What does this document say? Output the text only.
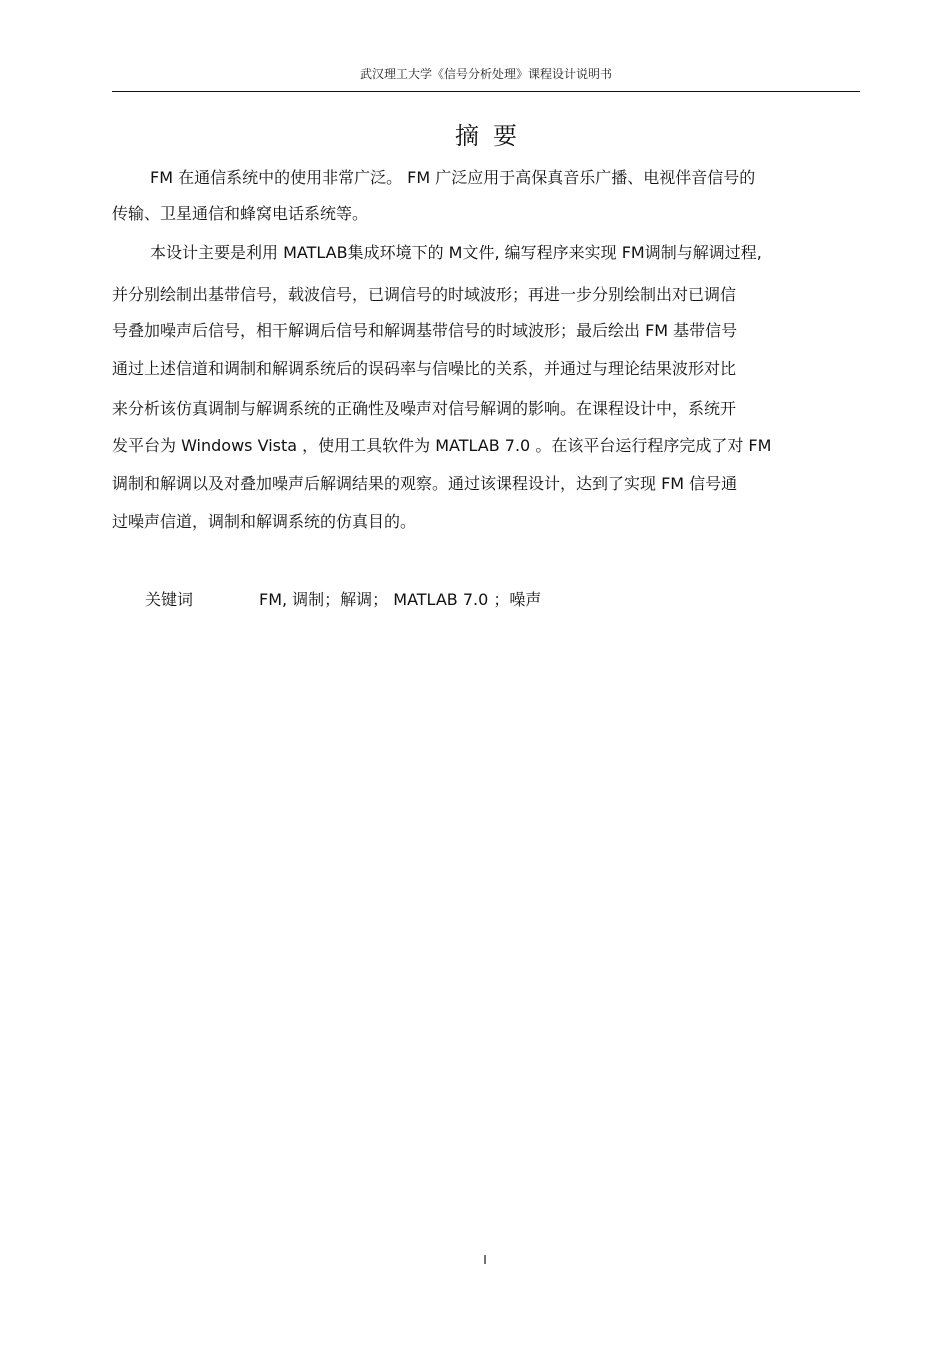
武汉理工大学《信号分析处理》课程设计说明书
摘要
FM 在通信系统中的使用非常广泛。 FM 广泛应用于高保真音乐广播、电视伴音信号的
传输、卫星通信和蜂窝电话系统等。
本设计主要是利用 MATLAB集成环境下的 M文件, 编写程序来实现 FM调制与解调过程,
并分别绘制出基带信号，载波信号，已调信号的时域波形；再进一步分别绘制出对已调信
号叠加噪声后信号，相干解调后信号和解调基带信号的时域波形；最后绘出 FM 基带信号
通过上述信道和调制和解调系统后的误码率与信噪比的关系，并通过与理论结果波形对比
来分析该仿真调制与解调系统的正确性及噪声对信号解调的影响。在课程设计中，系统开
发平台为 Windows Vista ，使用工具软件为 MATLAB 7.0 。在该平台运行程序完成了对 FM
调制和解调以及对叠加噪声后解调结果的观察。通过该课程设计，达到了实现 FM 信号通
过噪声信道，调制和解调系统的仿真目的。
关键词	FM, 调制；解调； MATLAB 7.0 ；噪声
I
